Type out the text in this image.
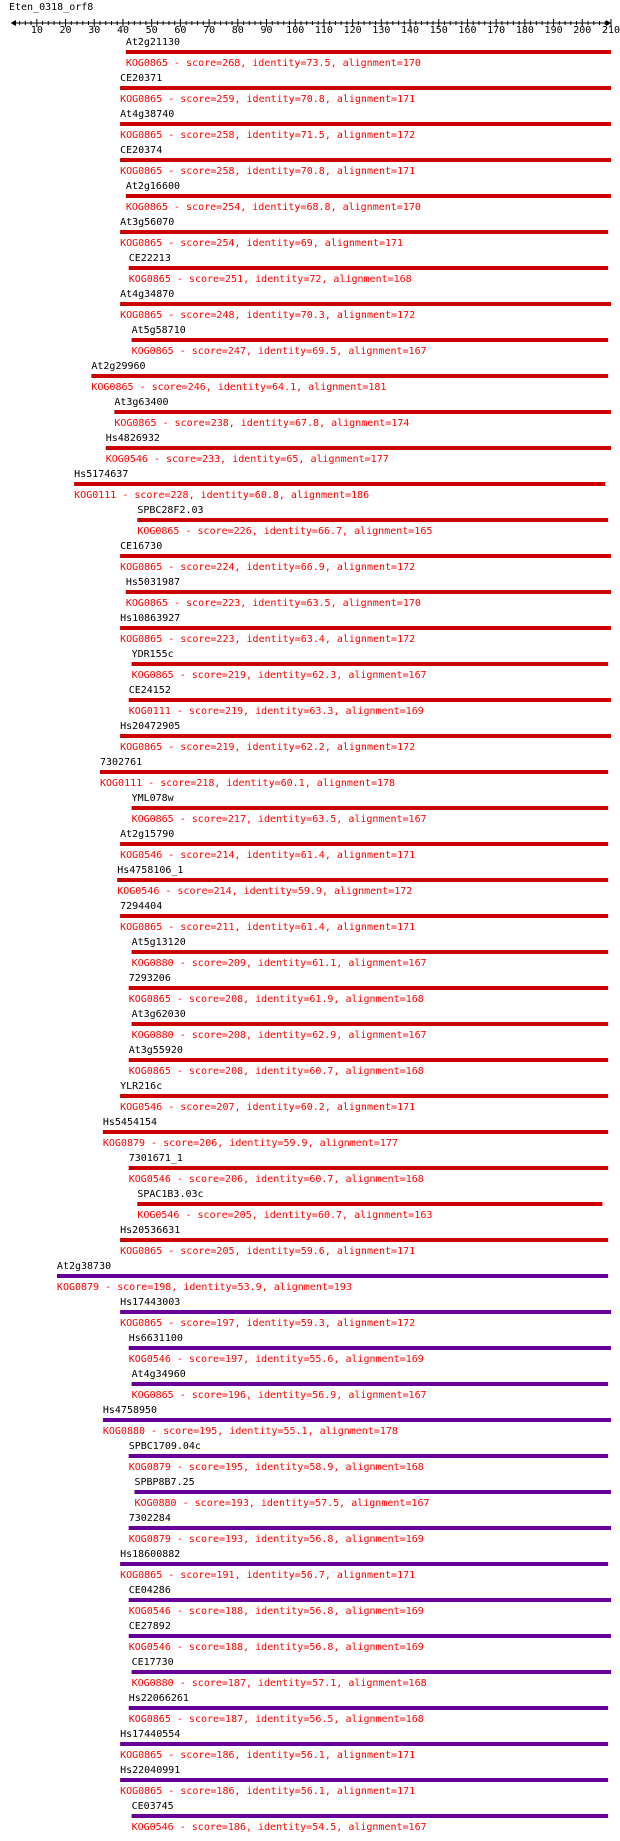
Eten_0318_orf8
10 20 30 40 50 60 70 80 90 100 110 120 130 140 150 160 170 180 190 200 210
At2g21130
KOG0865 - score=268, identity=73.5, alignment=170
CE20371
KOG0865 - score=259, identity=70.8, alignment=171
At4g38740
KOG0865 - score=258, identity=71.5, alignment=172
CE20374
KOG0865 - score=258, identity=70.8, alignment=171
At2g16600
KOG0865 - score=254, identity=68.8, alignment=170
At3g56070
KOG0865 - score=254, identity=69, alignment=171
CE22213
KOG0865 - score=251, identity=72, alignment=168
At4g34870
KOG0865 - score=248, identity=70.3, alignment=172
At5g58710
KOG0865 - score=247, identity=69.5, alignment=167
At2g29960
KOG0865 - score=246, identity=64.1, alignment=181
At3g63400
KOG0865 - score=238, identity=67.8, alignment=174
Hs4826932
KOG0546 - score=233, identity=65, alignment=177
Hs5174637
KOG0111 - score=228, identity=60.8, alignment=186
SPBC28F2.03
KOG0865 - score=226, identity=66.7, alignment=165
CE16730
KOG0865 - score=224, identity=66.9, alignment=172
Hs5031987
KOG0865 - score=223, identity=63.5, alignment=170
Hs10863927
KOG0865 - score=223, identity=63.4, alignment=172
YDR155c
KOG0865 - score=219, identity=62.3, alignment=167
CE24152
KOG0111 - score=219, identity=63.3, alignment=169
Hs20472905
KOG0865 - score=219, identity=62.2, alignment=172
7302761
KOG0111 - score=218, identity=60.1, alignment=178
YML078w
KOG0865 - score=217, identity=63.5, alignment=167
At2g15790
KOG0546 - score=214, identity=61.4, alignment=171
Hs4758106_1
KOG0546 - score=214, identity=59.9, alignment=172
7294404
KOG0865 - score=211, identity=61.4, alignment=171
At5g13120
KOG0880 - score=209, identity=61.1, alignment=167
7293206
KOG0865 - score=208, identity=61.9, alignment=168
At3g62030
KOG0880 - score=208, identity=62.9, alignment=167
At3g55920
KOG0865 - score=208, identity=60.7, alignment=168
YLR216c
KOG0546 - score=207, identity=60.2, alignment=171
Hs5454154
KOG0879 - score=206, identity=59.9, alignment=177
7301671_1
KOG0546 - score=206, identity=60.7, alignment=168
SPAC1B3.03c
KOG0546 - score=205, identity=60.7, alignment=163
Hs20536631
KOG0865 - score=205, identity=59.6, alignment=171
At2g38730
KOG0879 - score=198, identity=53.9, alignment=193
Hs17443003
KOG0865 - score=197, identity=59.3, alignment=172
Hs6631100
KOG0546 - score=197, identity=55.6, alignment=169
At4g34960
KOG0865 - score=196, identity=56.9, alignment=167
Hs4758950
KOG0880 - score=195, identity=55.1, alignment=178
SPBC1709.04c
KOG0879 - score=195, identity=58.9, alignment=168
SPBP8B7.25
KOG0880 - score=193, identity=57.5, alignment=167
7302284
KOG0879 - score=193, identity=56.8, alignment=169
Hs18600882
KOG0865 - score=191, identity=56.7, alignment=171
CE04286
KOG0546 - score=188, identity=56.8, alignment=169
CE27892
KOG0546 - score=188, identity=56.8, alignment=169
CE17730
KOG0880 - score=187, identity=57.1, alignment=168
Hs22066261
KOG0865 - score=187, identity=56.5, alignment=168
Hs17440554
KOG0865 - score=186, identity=56.1, alignment=171
Hs22040991
KOG0865 - score=186, identity=56.1, alignment=171
CE03745
KOG0546 - score=186, identity=54.5, alignment=167
